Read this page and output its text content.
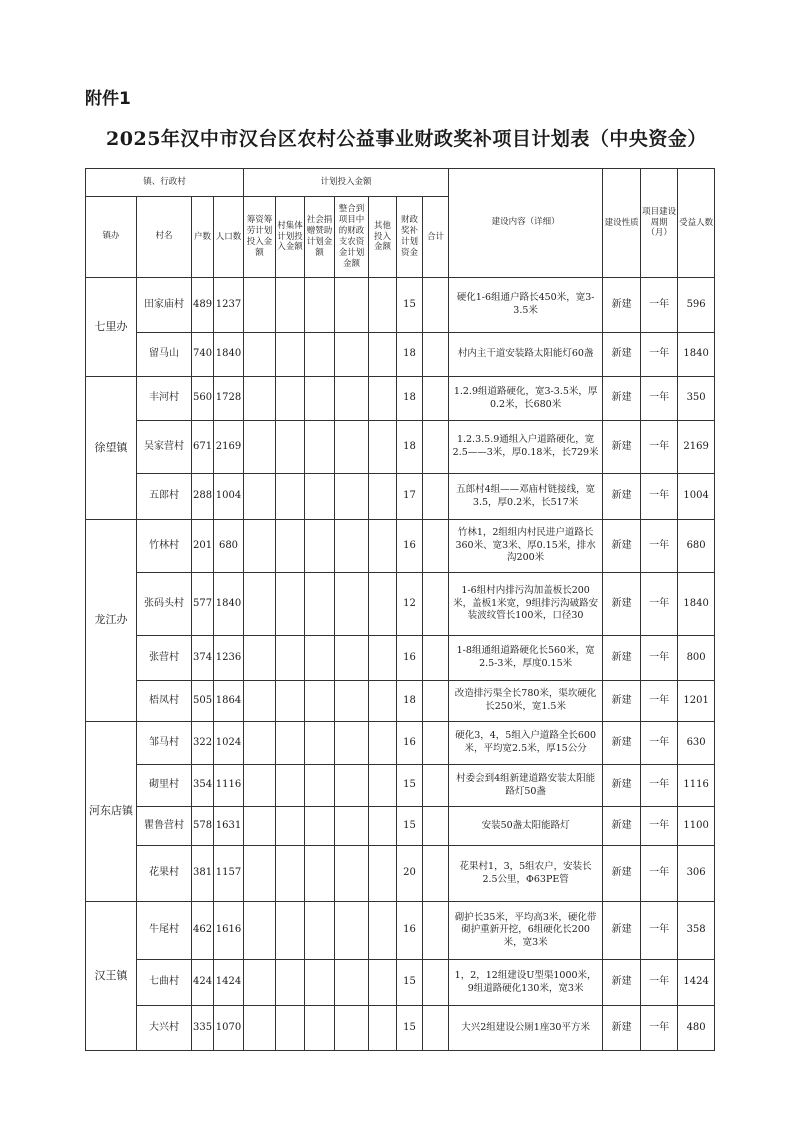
附件1
2025年汉中市汉台区农村公益事业财政奖补项目计划表（中央资金）
镇、行政村				计划投入金额							建设内容（详细）	建设性质	项目建设周期（月）	受益人数
镇办	村名	户数	人口数	筹资筹劳计划投入金额	村集体计划投入金额	社会捐赠赞助计划金额	整合到项目中的财政支农资金计划金额	其他投入金额	财政奖补计划资金	合计				
七里办	田家庙村	489	1237						15		硬化1-6组通户路长450米，宽3-3.5米	新建	一年	596
	留马山	740	1840						18		村内主干道安装路太阳能灯60盏	新建	一年	1840
徐望镇	丰河村	560	1728						18		1.2.9组道路硬化，宽3-3.5米，厚0.2米，长680米	新建	一年	350
	吴家营村	671	2169						18		1.2.3.5.9通组入户道路硬化，宽2.5——3米，厚0.18米，长729米	新建	一年	2169
	五郎村	288	1004						17		五郎村4组——邓庙村链接线，宽3.5，厚0.2米，长517米	新建	一年	1004
龙江办	竹林村	201	680						16		竹林1，2组组内村民进户道路长360米、宽3米、厚0.15米，排水沟200米	新建	一年	680
	张码头村	577	1840						12		1-6组村内排污沟加盖板长200米，盖板1米宽，9组排污沟破路安装波纹管长100米，口径30	新建	一年	1840
	张营村	374	1236						16		1-8组通组道路硬化长560米，宽2.5-3米，厚度0.15米	新建	一年	800
	梧凤村	505	1864						18		改造排污渠全长780米，渠坎硬化长250米，宽1.5米	新建	一年	1201
河东店镇	邹马村	322	1024						16		硬化3，4，5组入户道路全长600米，平均宽2.5米，厚15公分	新建	一年	630
	砌里村	354	1116						15		村委会到4组新建道路安装太阳能路灯50盏	新建	一年	1116
	瞿鲁营村	578	1631						15		安装50盏太阳能路灯	新建	一年	1100
	花果村	381	1157						20		花果村1，3，5组农户，安装长2.5公里，Φ63PE管	新建	一年	306
汉王镇	牛尾村	462	1616						16		砌护长35米，平均高3米，硬化带砌护重新开挖，6组硬化长200米，宽3米	新建	一年	358
	七曲村	424	1424						15		1，2，12组建设U型渠1000米，9组道路硬化130米，宽3米	新建	一年	1424
	大兴村	335	1070						15		大兴2组建设公厕1座30平方米	新建	一年	480
